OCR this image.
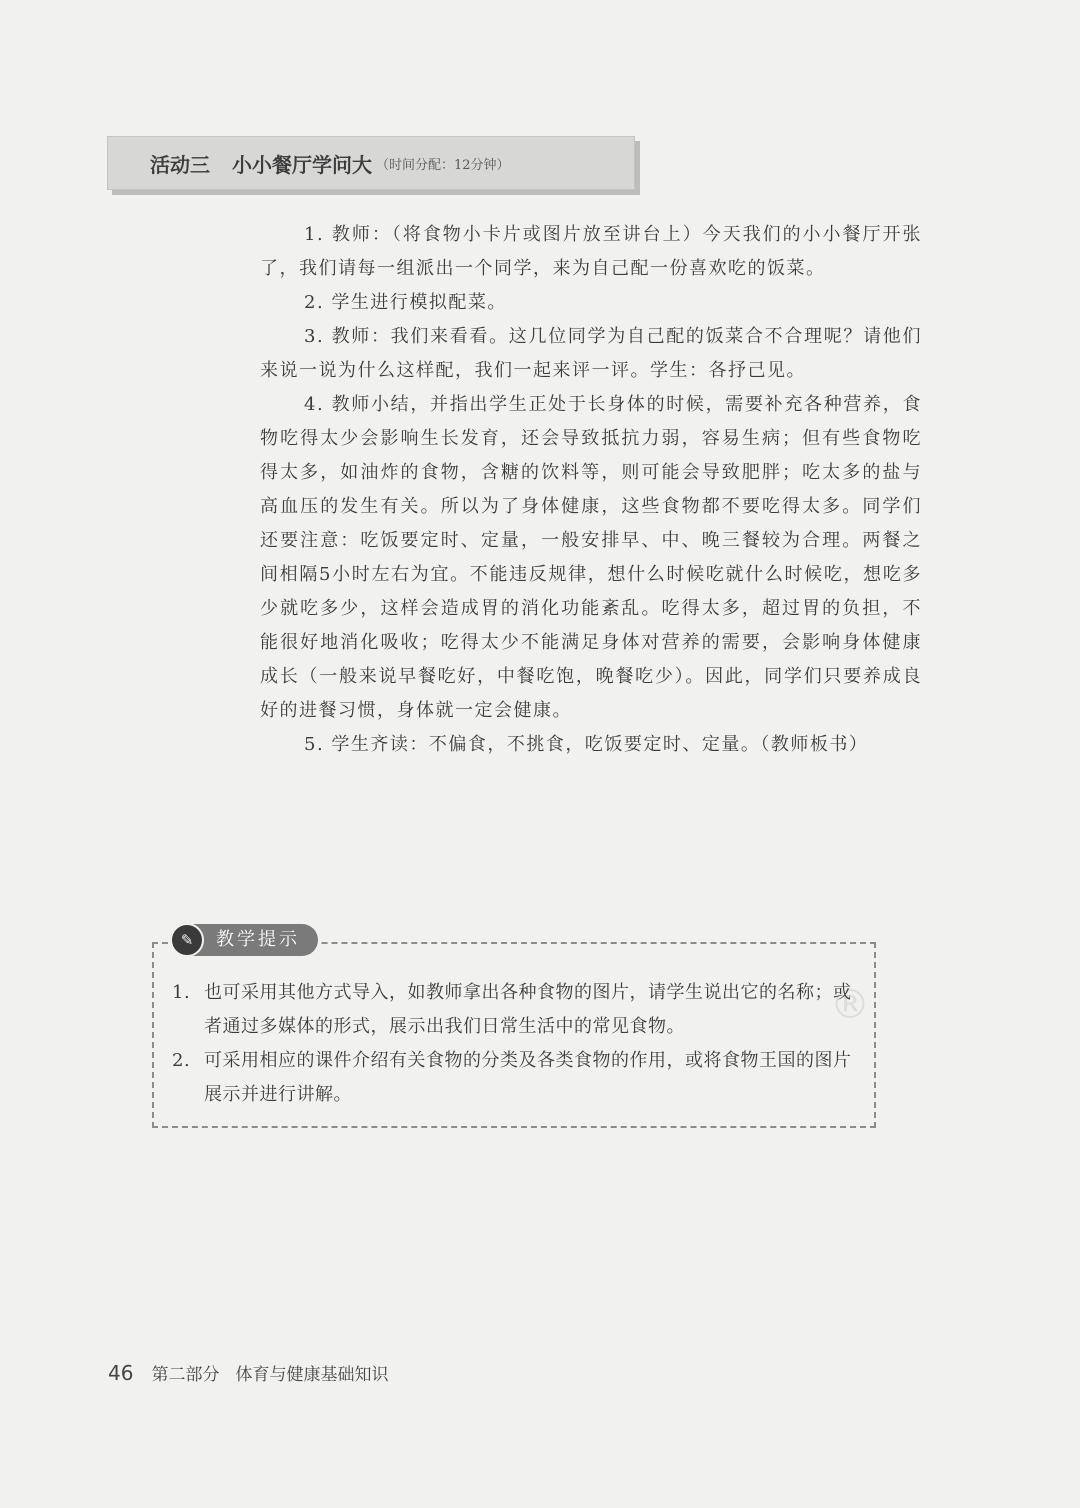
活动三 小小餐厅学问大 （时间分配：12分钟）

1. 教师：（将食物小卡片或图片放至讲台上）今天我们的小小餐厅开张了，我们请每一组派出一个同学，来为自己配一份喜欢吃的饭菜。

2. 学生进行模拟配菜。

3. 教师：我们来看看。这几位同学为自己配的饭菜合不合理呢？请他们来说一说为什么这样配，我们一起来评一评。学生：各抒己见。

4. 教师小结，并指出学生正处于长身体的时候，需要补充各种营养，食物吃得太少会影响生长发育，还会导致抵抗力弱，容易生病；但有些食物吃得太多，如油炸的食物，含糖的饮料等，则可能会导致肥胖；吃太多的盐与高血压的发生有关。所以为了身体健康，这些食物都不要吃得太多。同学们还要注意：吃饭要定时、定量，一般安排早、中、晚三餐较为合理。两餐之间相隔5小时左右为宜。不能违反规律，想什么时候吃就什么时候吃，想吃多少就吃多少，这样会造成胃的消化功能紊乱。吃得太多，超过胃的负担，不能很好地消化吸收；吃得太少不能满足身体对营养的需要，会影响身体健康成长（一般来说早餐吃好，中餐吃饱，晚餐吃少）。因此，同学们只要养成良好的进餐习惯，身体就一定会健康。

5. 学生齐读：不偏食，不挑食，吃饭要定时、定量。（教师板书）

®
✎	教学提示
1. 也可采用其他方式导入，如教师拿出各种食物的图片，请学生说出它的名称；或者通过多媒体的形式，展示出我们日常生活中的常见食物。
2. 可采用相应的课件介绍有关食物的分类及各类食物的作用，或将食物王国的图片展示并进行讲解。
46 第二部分 体育与健康基础知识
